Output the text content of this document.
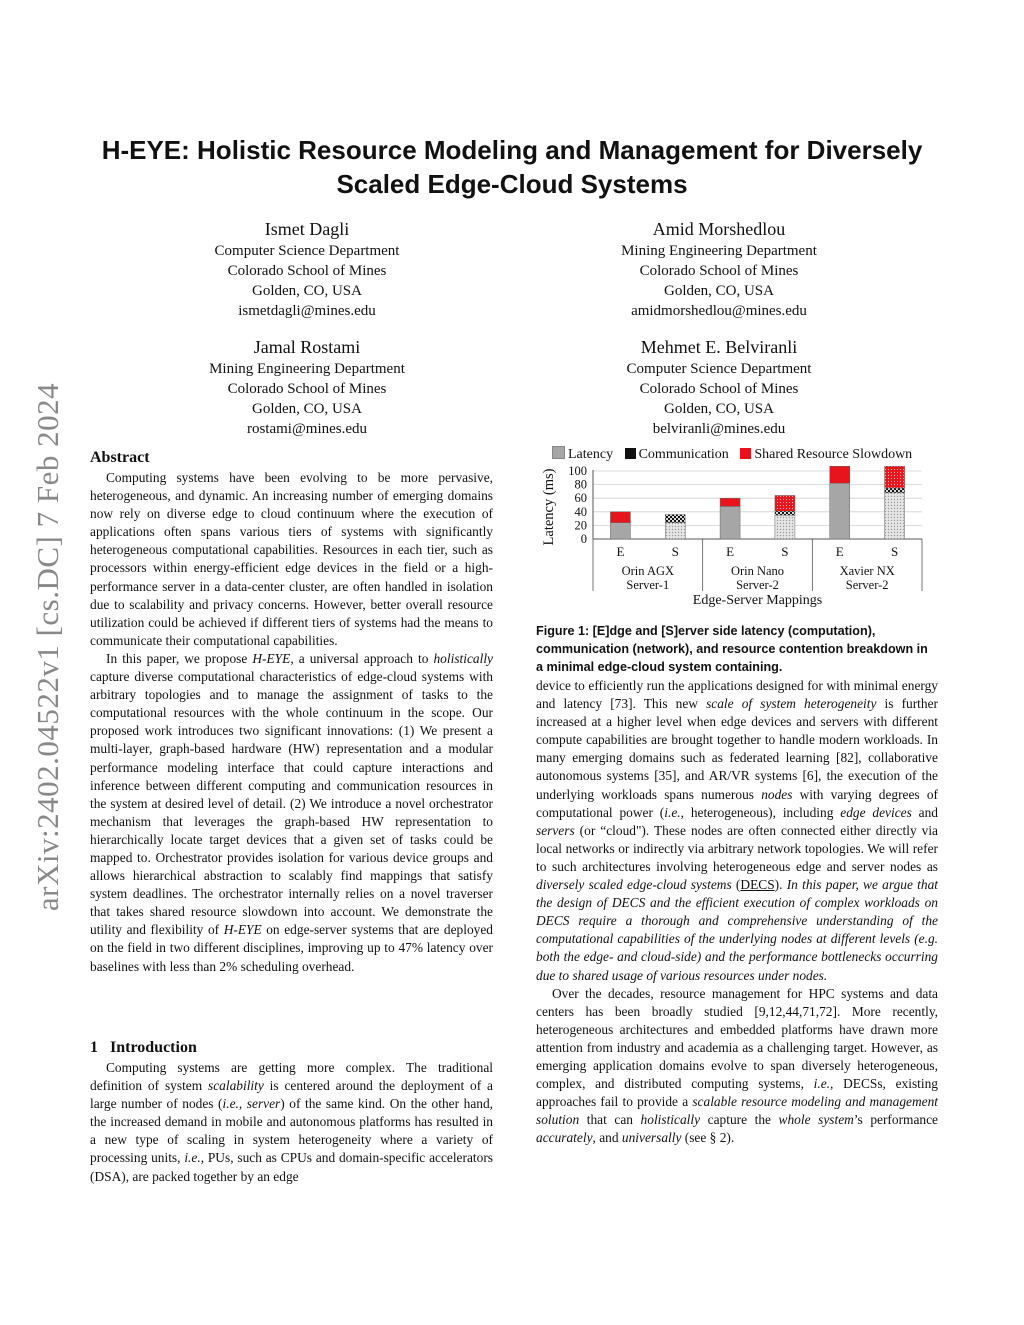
arXiv:2402.04522v1 [cs.DC] 7 Feb 2024
H-EYE: Holistic Resource Modeling and Management for Diversely Scaled Edge-Cloud Systems
Ismet Dagli
Computer Science Department
Colorado School of Mines
Golden, CO, USA
ismetdagli@mines.edu
Amid Morshedlou
Mining Engineering Department
Colorado School of Mines
Golden, CO, USA
amidmorshedlou@mines.edu
Jamal Rostami
Mining Engineering Department
Colorado School of Mines
Golden, CO, USA
rostami@mines.edu
Mehmet E. Belviranli
Computer Science Department
Colorado School of Mines
Golden, CO, USA
belviranli@mines.edu
Abstract

Computing systems have been evolving to be more pervasive, heterogeneous, and dynamic. An increasing number of emerging domains now rely on diverse edge to cloud continuum where the execution of applications often spans various tiers of systems with significantly heterogeneous computational capabilities. Resources in each tier, such as processors within energy-efficient edge devices in the field or a high-performance server in a data-center cluster, are often handled in isolation due to scalability and privacy concerns. However, better overall resource utilization could be achieved if different tiers of systems had the means to communicate their computational capabilities.

In this paper, we propose H-EYE, a universal approach to holistically capture diverse computational characteristics of edge-cloud systems with arbitrary topologies and to manage the assignment of tasks to the computational resources with the whole continuum in the scope. Our proposed work introduces two significant innovations: (1) We present a multi-layer, graph-based hardware (HW) representation and a modular performance modeling interface that could capture interactions and inference between different computing and communication resources in the system at desired level of detail. (2) We introduce a novel orchestrator mechanism that leverages the graph-based HW representation to hierarchically locate target devices that a given set of tasks could be mapped to. Orchestrator provides isolation for various device groups and allows hierarchical abstraction to scalably find mappings that satisfy system deadlines. The orchestrator internally relies on a novel traverser that takes shared resource slowdown into account. We demonstrate the utility and flexibility of H-EYE on edge-server systems that are deployed on the field in two different disciplines, improving up to 47% latency over baselines with less than 2% scheduling overhead.

1 Introduction

Computing systems are getting more complex. The traditional definition of system scalability is centered around the deployment of a large number of nodes (i.e., server) of the same kind. On the other hand, the increased demand in mobile and autonomous platforms has resulted in a new type of scaling in system heterogeneity where a variety of processing units, i.e., PUs, such as CPUs and domain-specific accelerators (DSA), are packed together by an edge

Latency Communication Shared Resource Slowdown
0
20
40
60
80
100
Latency (ms)
E	S	E	S	E	S
Orin AGX
Server-1
Orin Nano
Server-2
Xavier NX
Server-2
Edge-Server Mappings
Figure 1: [E]dge and [S]erver side latency (computation), communication (network), and resource contention breakdown in a minimal edge-cloud system containing.

device to efficiently run the applications designed for with minimal energy and latency [73]. This new scale of system heterogeneity is further increased at a higher level when edge devices and servers with different compute capabilities are brought together to handle modern workloads. In many emerging domains such as federated learning [82], collaborative autonomous systems [35], and AR/VR systems [6], the execution of the underlying workloads spans numerous nodes with varying degrees of computational power (i.e., heterogeneous), including edge devices and servers (or “cloud"). These nodes are often connected either directly via local networks or indirectly via arbitrary network topologies. We will refer to such architectures involving heterogeneous edge and server nodes as diversely scaled edge-cloud systems (DECS). In this paper, we argue that the design of DECS and the efficient execution of complex workloads on DECS require a thorough and comprehensive understanding of the computational capabilities of the underlying nodes at different levels (e.g. both the edge- and cloud-side) and the performance bottlenecks occurring due to shared usage of various resources under nodes.

Over the decades, resource management for HPC systems and data centers has been broadly studied [9,12,44,71,72]. More recently, heterogeneous architectures and embedded platforms have drawn more attention from industry and academia as a challenging target. However, as emerging application domains evolve to span diversely heterogeneous, complex, and distributed computing systems, i.e., DECSs, existing approaches fail to provide a scalable resource modeling and management solution that can holistically capture the whole system’s performance accurately, and universally (see § 2).
